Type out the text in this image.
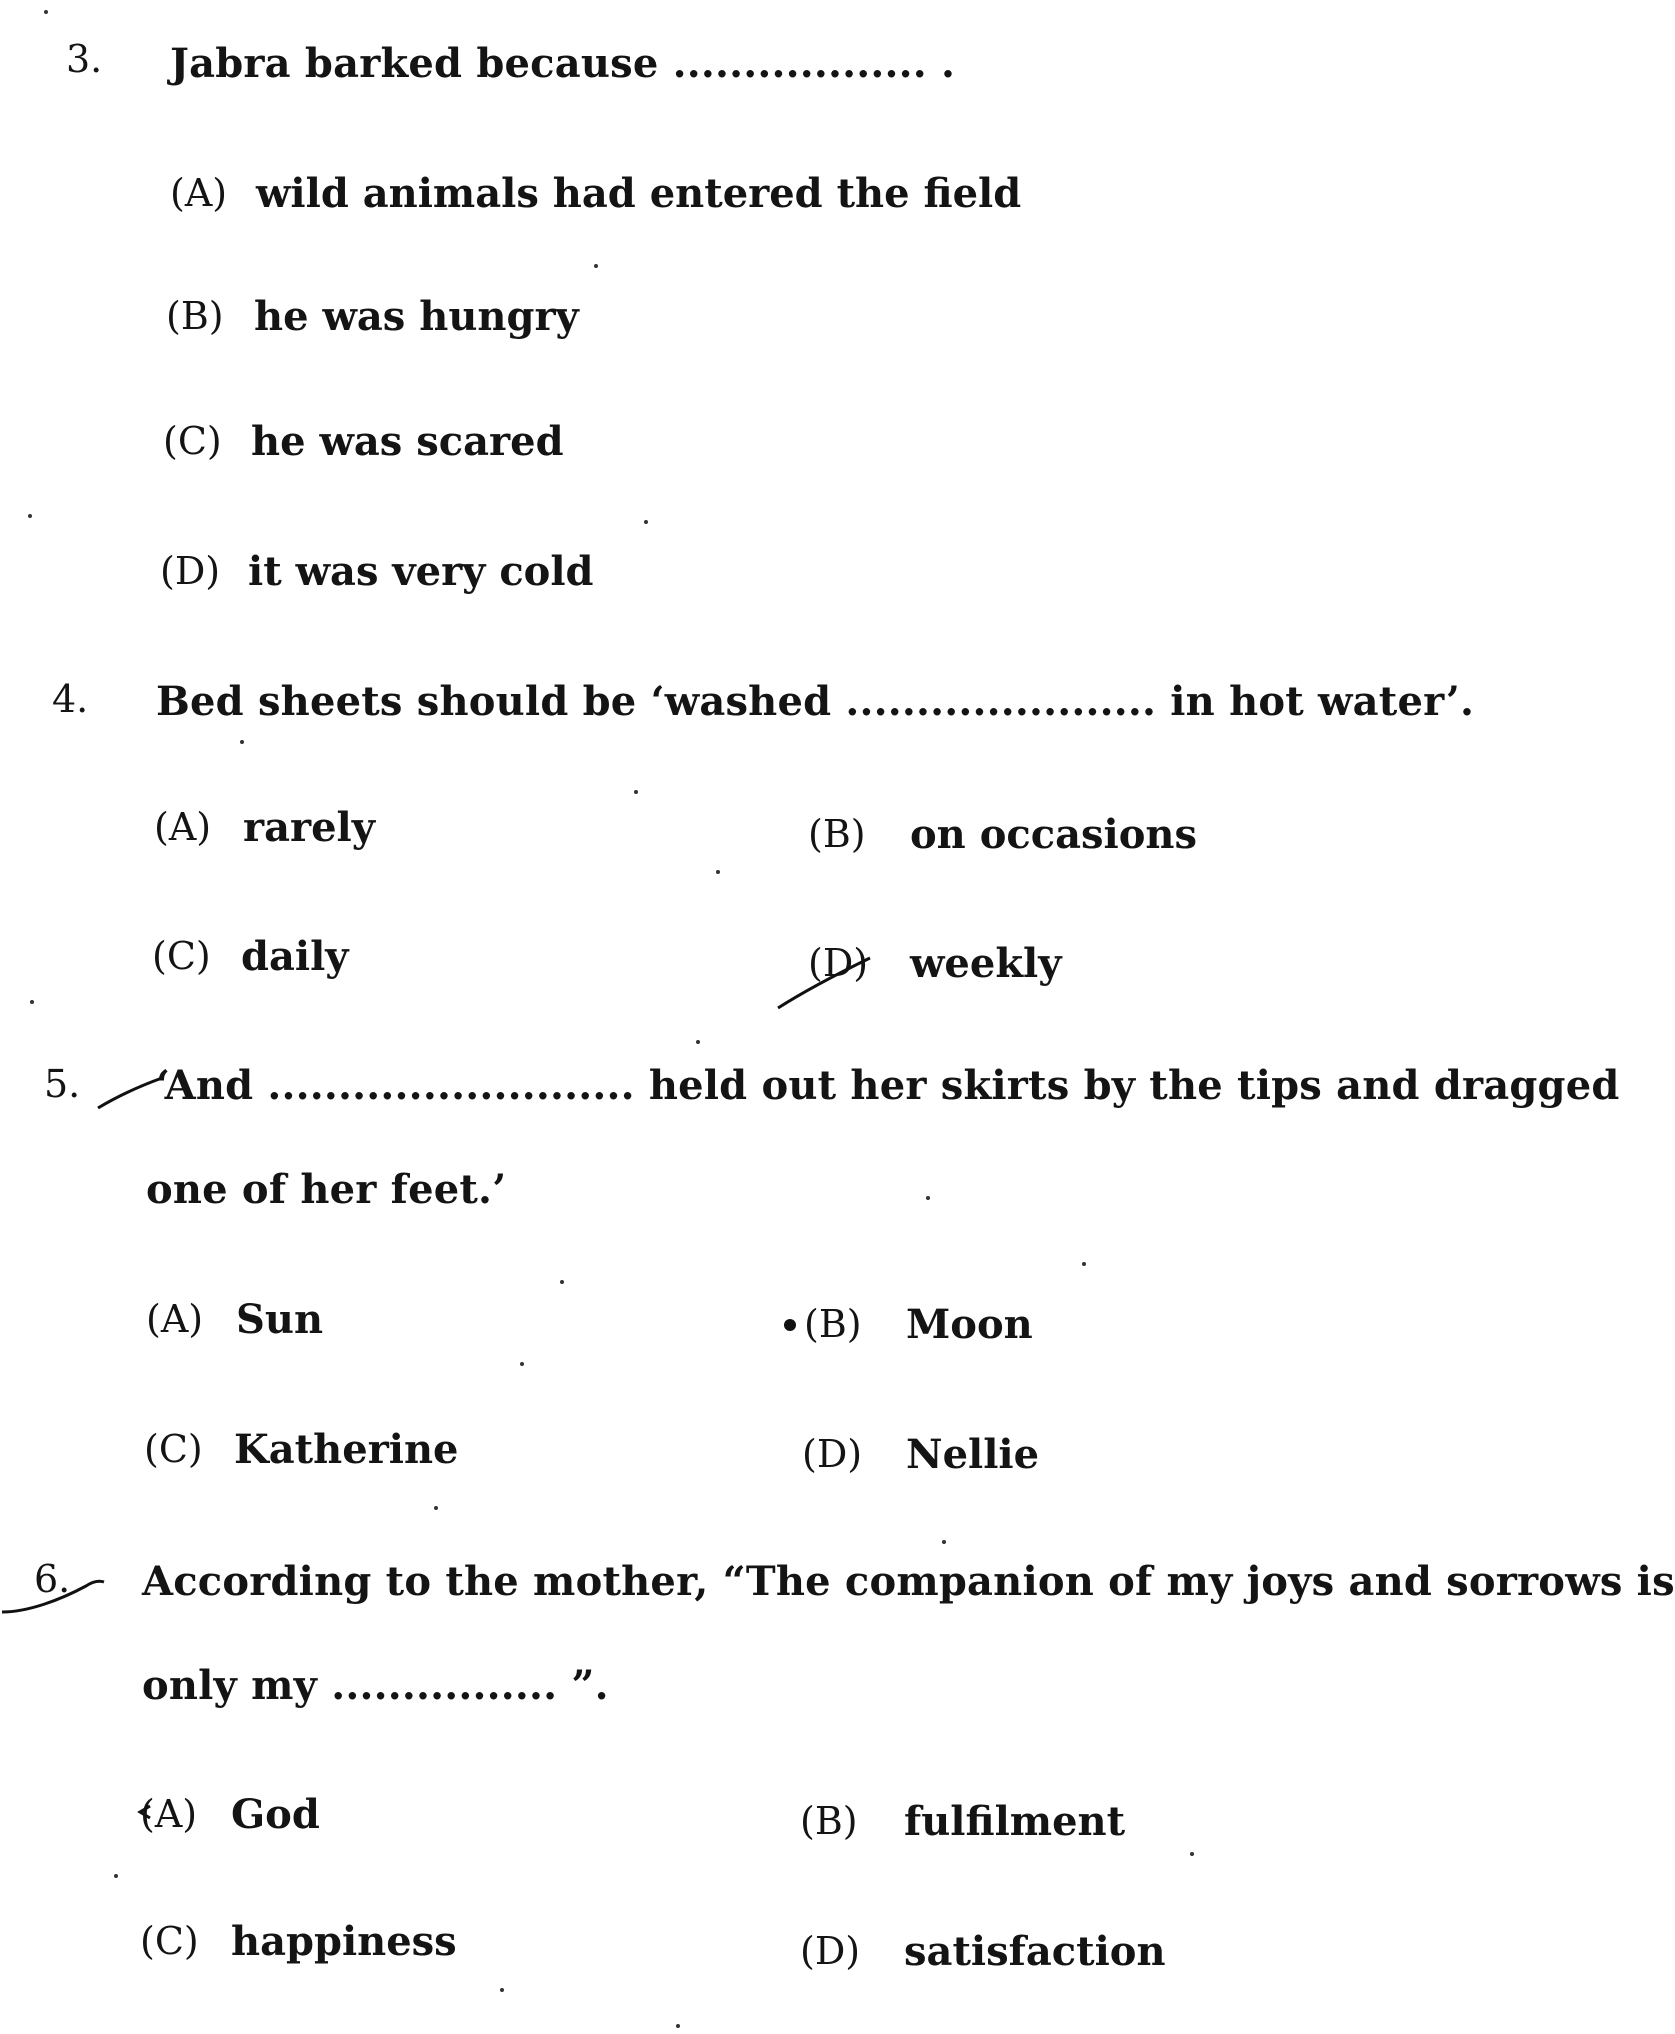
3. Jabra barked because .................. .
(A) wild animals had entered the field
(B) he was hungry
(C) he was scared
(D) it was very cold
4. Bed sheets should be ‘washed ...................... in hot water’.
(A) rarely	(B) on occasions
(C) daily	(D) weekly
5. ‘And .......................... held out her skirts by the tips and dragged
one of her feet.’
(A) Sun	(B) Moon
(C) Katherine	(D) Nellie
6. According to the mother, “The companion of my joys and sorrows is
only my ................ ”.
(A) God	(B) fulfilment
(C) happiness	(D) satisfaction
